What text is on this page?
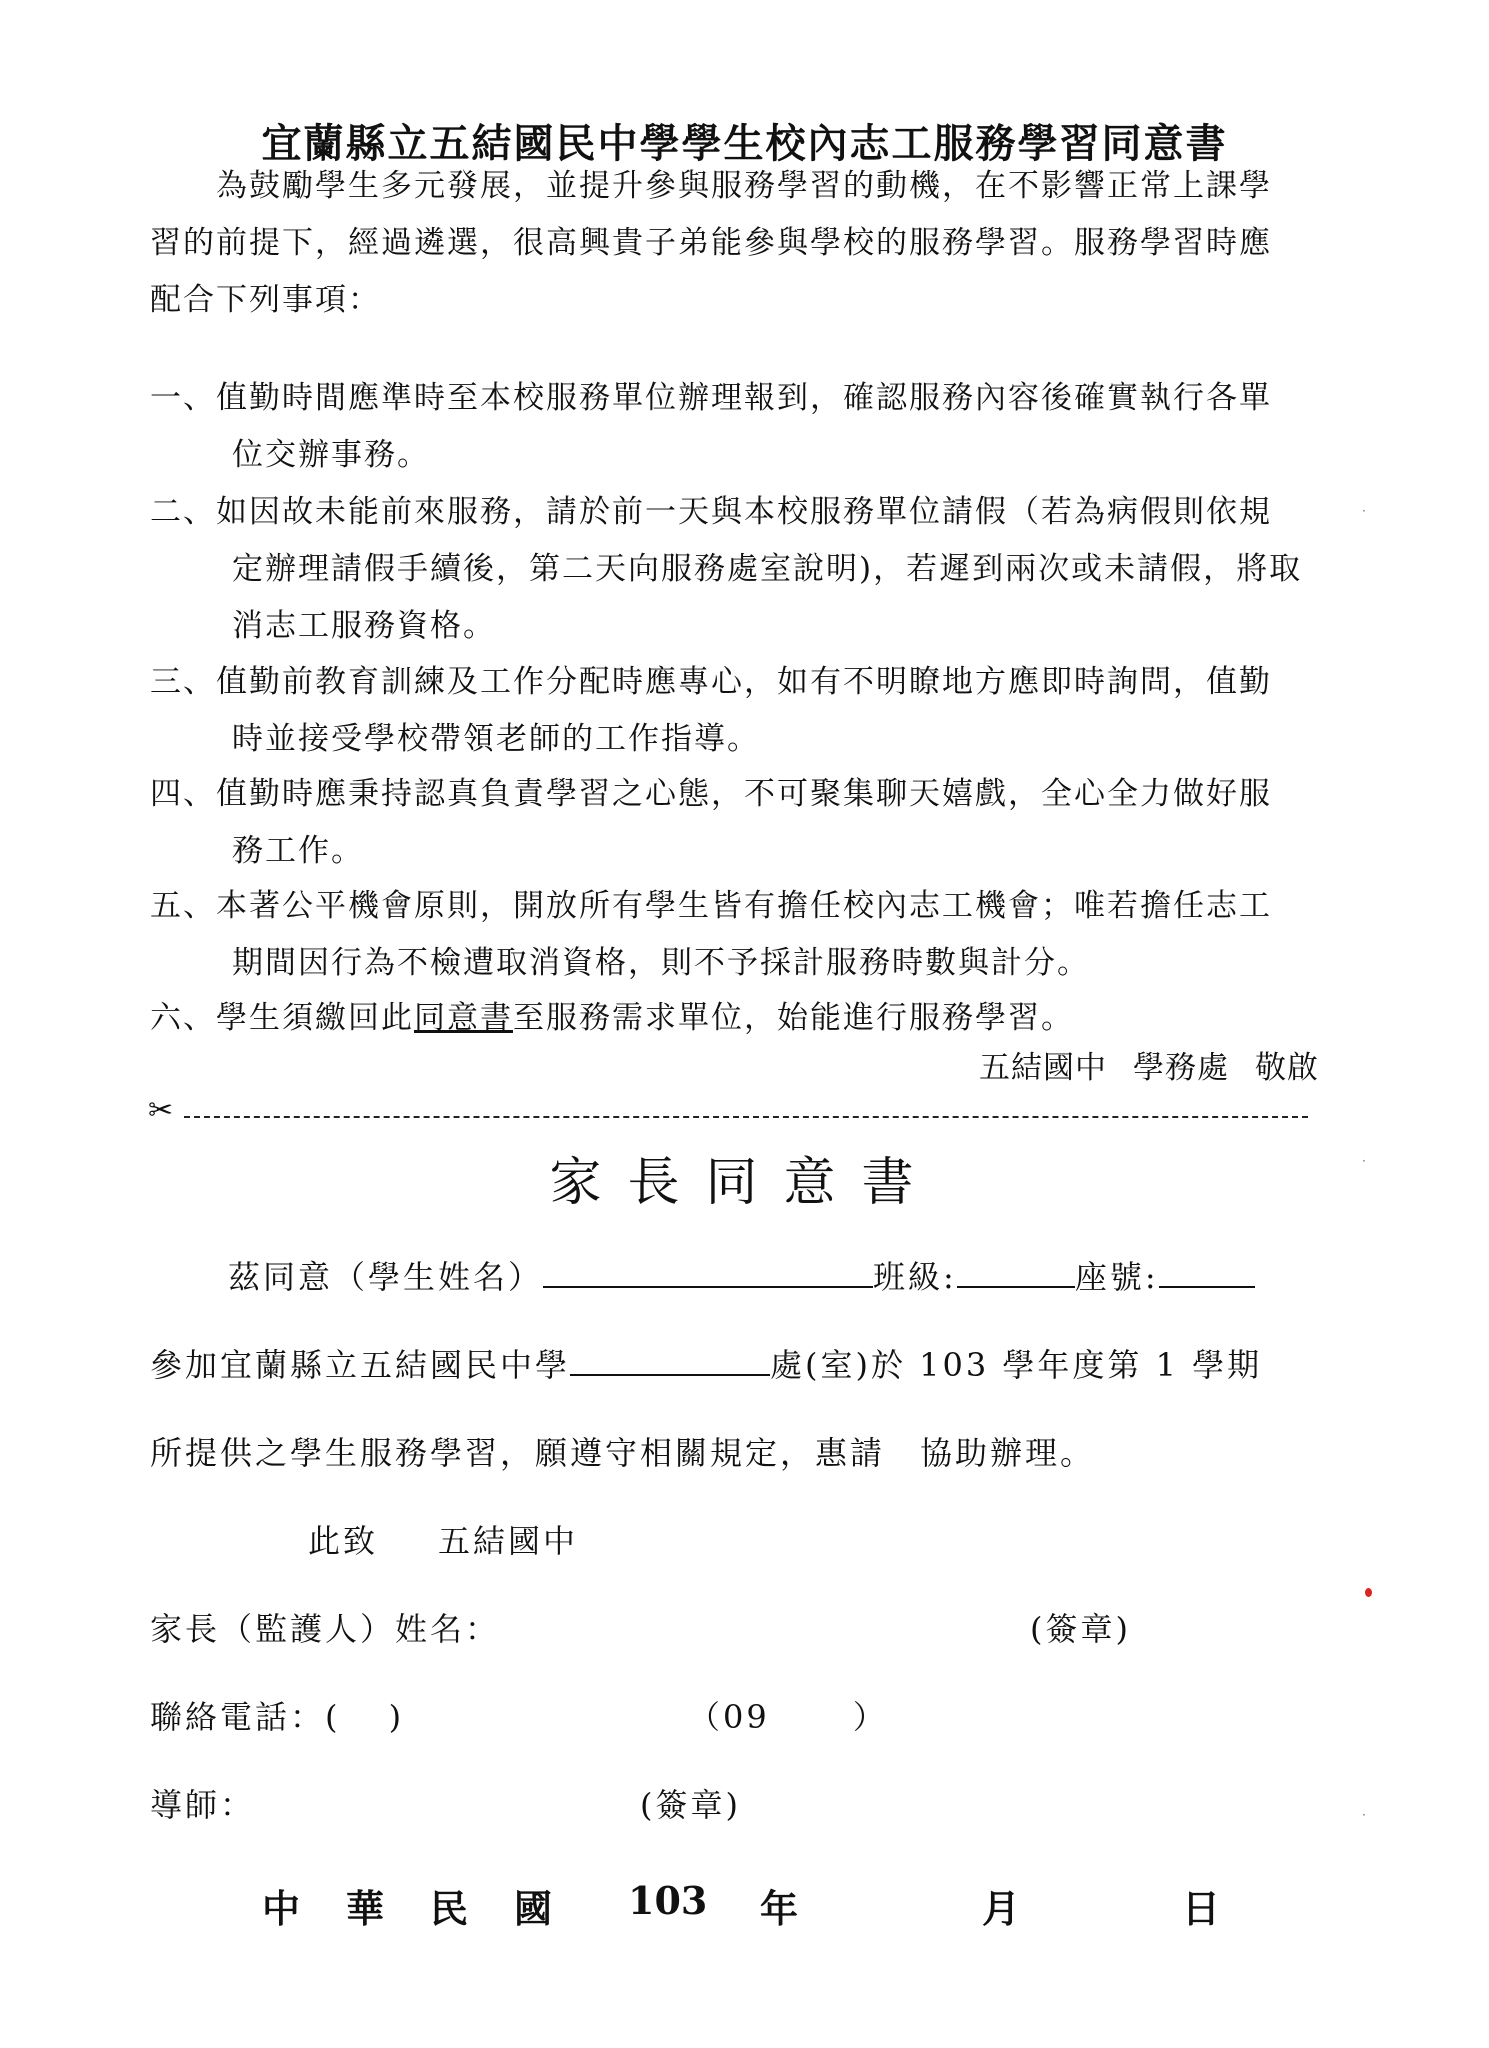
宜蘭縣立五結國民中學學生校內志工服務學習同意書
為鼓勵學生多元發展，並提升參與服務學習的動機，在不影響正常上課學
習的前提下，經過遴選，很高興貴子弟能參與學校的服務學習。服務學習時應
配合下列事項：
一、 值勤時間應準時至本校服務單位辦理報到，確認服務內容後確實執行各單
位交辦事務。
二、 如因故未能前來服務，請於前一天與本校服務單位請假（若為病假則依規
定辦理請假手續後，第二天向服務處室說明)，若遲到兩次或未請假，將取
消志工服務資格。
三、 值勤前教育訓練及工作分配時應專心，如有不明瞭地方應即時詢問，值勤
時並接受學校帶領老師的工作指導。
四、 值勤時應秉持認真負責學習之心態，不可聚集聊天嬉戲，全心全力做好服
務工作。
五、 本著公平機會原則，開放所有學生皆有擔任校內志工機會；唯若擔任志工
期間因行為不檢遭取消資格，則不予採計服務時數與計分。
六、 學生須繳回此同意書至服務需求單位，始能進行服務學習。
五結國中 學務處 敬啟
✂
家長同意書
茲同意（學生姓名）	班級:	座號:
參加宜蘭縣立五結國民中學	處(室)於 103 學年度第 1 學期
所提供之學生服務學習，願遵守相關規定，惠請　協助辦理。
此致 五結國中
家長（監護人）姓名：	(簽章)
聯絡電話：(　 )	（09　　 ）
導師：	(簽章)
中　華　民　國 103 年	月	日
·
·
·
